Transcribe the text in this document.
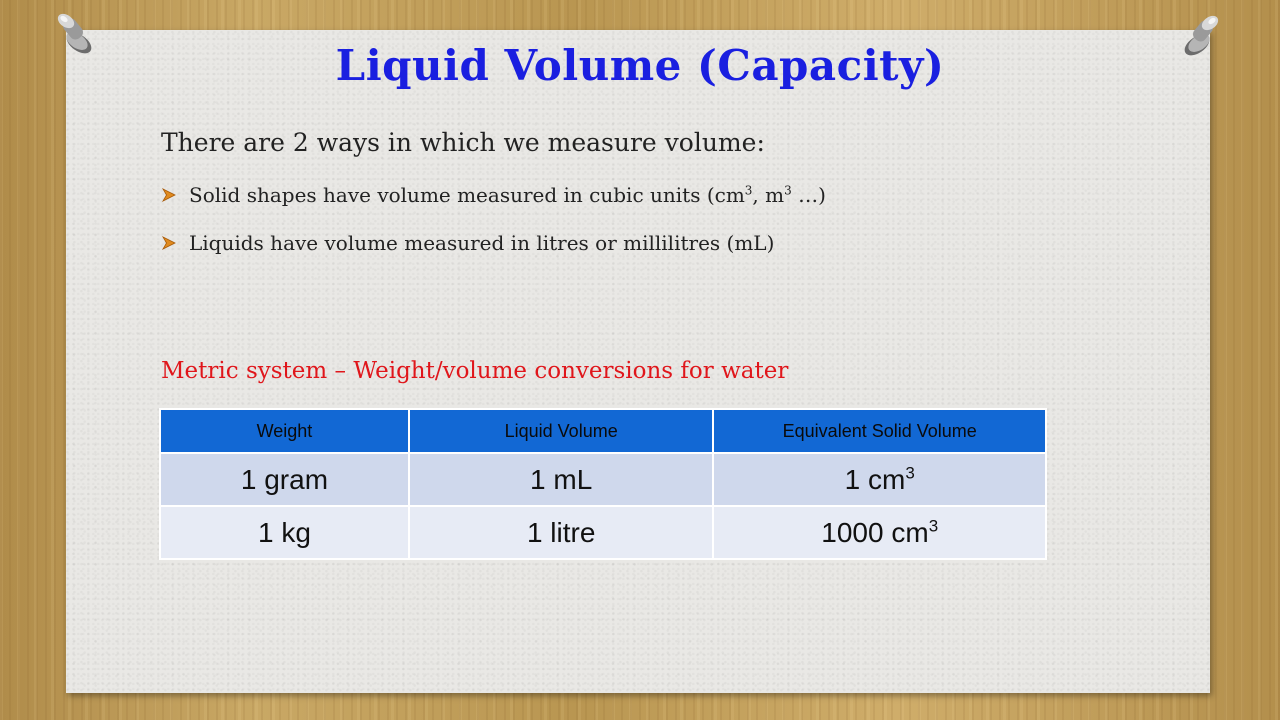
Liquid Volume (Capacity)

There are 2 ways in which we measure volume:

Solid shapes have volume measured in cubic units ($cm^3$, $m^3$ …)
Liquids have volume measured in litres or millilitres (mL)

Metric system – Weight/volume conversions for water

Weight	Liquid Volume	Equivalent Solid Volume
1 gram	1 mL	1 $cm^3$
1 kg	1 litre	1000 $cm^3$
